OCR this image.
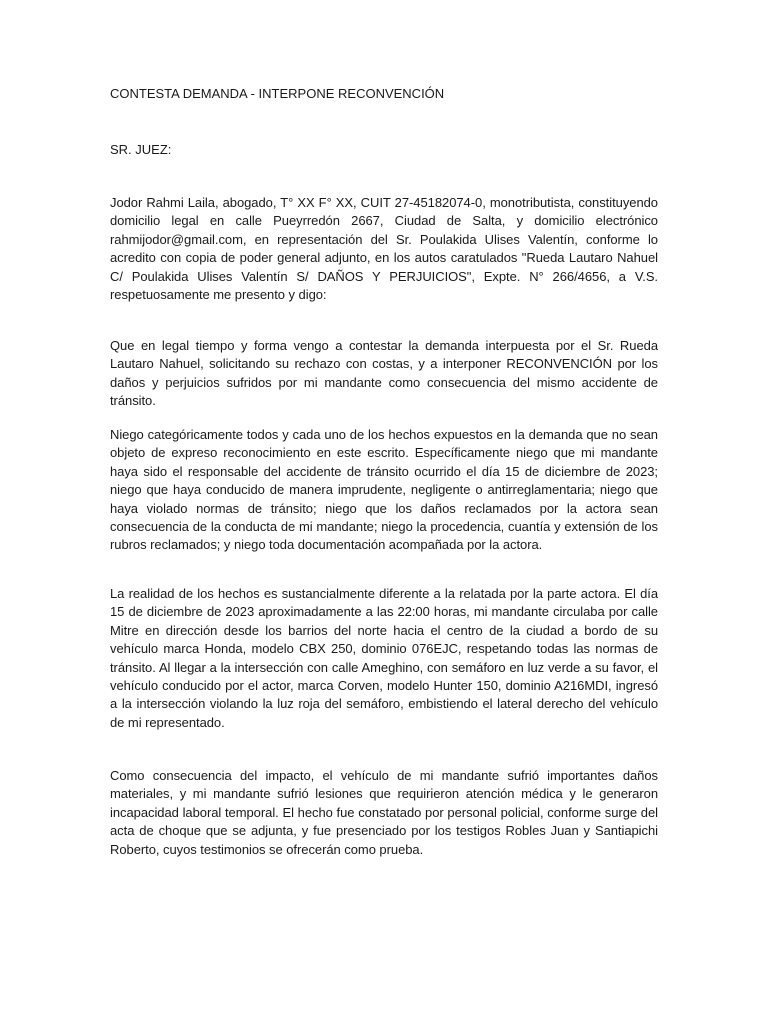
CONTESTA DEMANDA - INTERPONE RECONVENCIÓN

SR. JUEZ:

Jodor Rahmi Laila, abogado, T° XX F° XX, CUIT 27-45182074-0, monotributista, constituyendo domicilio legal en calle Pueyrredón 2667, Ciudad de Salta, y domicilio electrónico rahmijodor@gmail.com, en representación del Sr. Poulakida Ulises Valentín, conforme lo acredito con copia de poder general adjunto, en los autos caratulados "Rueda Lautaro Nahuel C/ Poulakida Ulises Valentín S/ DAÑOS Y PERJUICIOS", Expte. N° 266/4656, a V.S. respetuosamente me presento y digo:

Que en legal tiempo y forma vengo a contestar la demanda interpuesta por el Sr. Rueda Lautaro Nahuel, solicitando su rechazo con costas, y a interponer RECONVENCIÓN por los daños y perjuicios sufridos por mi mandante como consecuencia del mismo accidente de tránsito.

Niego categóricamente todos y cada uno de los hechos expuestos en la demanda que no sean objeto de expreso reconocimiento en este escrito. Específicamente niego que mi mandante haya sido el responsable del accidente de tránsito ocurrido el día 15 de diciembre de 2023; niego que haya conducido de manera imprudente, negligente o antirreglamentaria; niego que haya violado normas de tránsito; niego que los daños reclamados por la actora sean consecuencia de la conducta de mi mandante; niego la procedencia, cuantía y extensión de los rubros reclamados; y niego toda documentación acompañada por la actora.

La realidad de los hechos es sustancialmente diferente a la relatada por la parte actora. El día 15 de diciembre de 2023 aproximadamente a las 22:00 horas, mi mandante circulaba por calle Mitre en dirección desde los barrios del norte hacia el centro de la ciudad a bordo de su vehículo marca Honda, modelo CBX 250, dominio 076EJC, respetando todas las normas de tránsito. Al llegar a la intersección con calle Ameghino, con semáforo en luz verde a su favor, el vehículo conducido por el actor, marca Corven, modelo Hunter 150, dominio A216MDI, ingresó a la intersección violando la luz roja del semáforo, embistiendo el lateral derecho del vehículo de mi representado.

Como consecuencia del impacto, el vehículo de mi mandante sufrió importantes daños materiales, y mi mandante sufrió lesiones que requirieron atención médica y le generaron incapacidad laboral temporal. El hecho fue constatado por personal policial, conforme surge del acta de choque que se adjunta, y fue presenciado por los testigos Robles Juan y Santiapichi Roberto, cuyos testimonios se ofrecerán como prueba.
